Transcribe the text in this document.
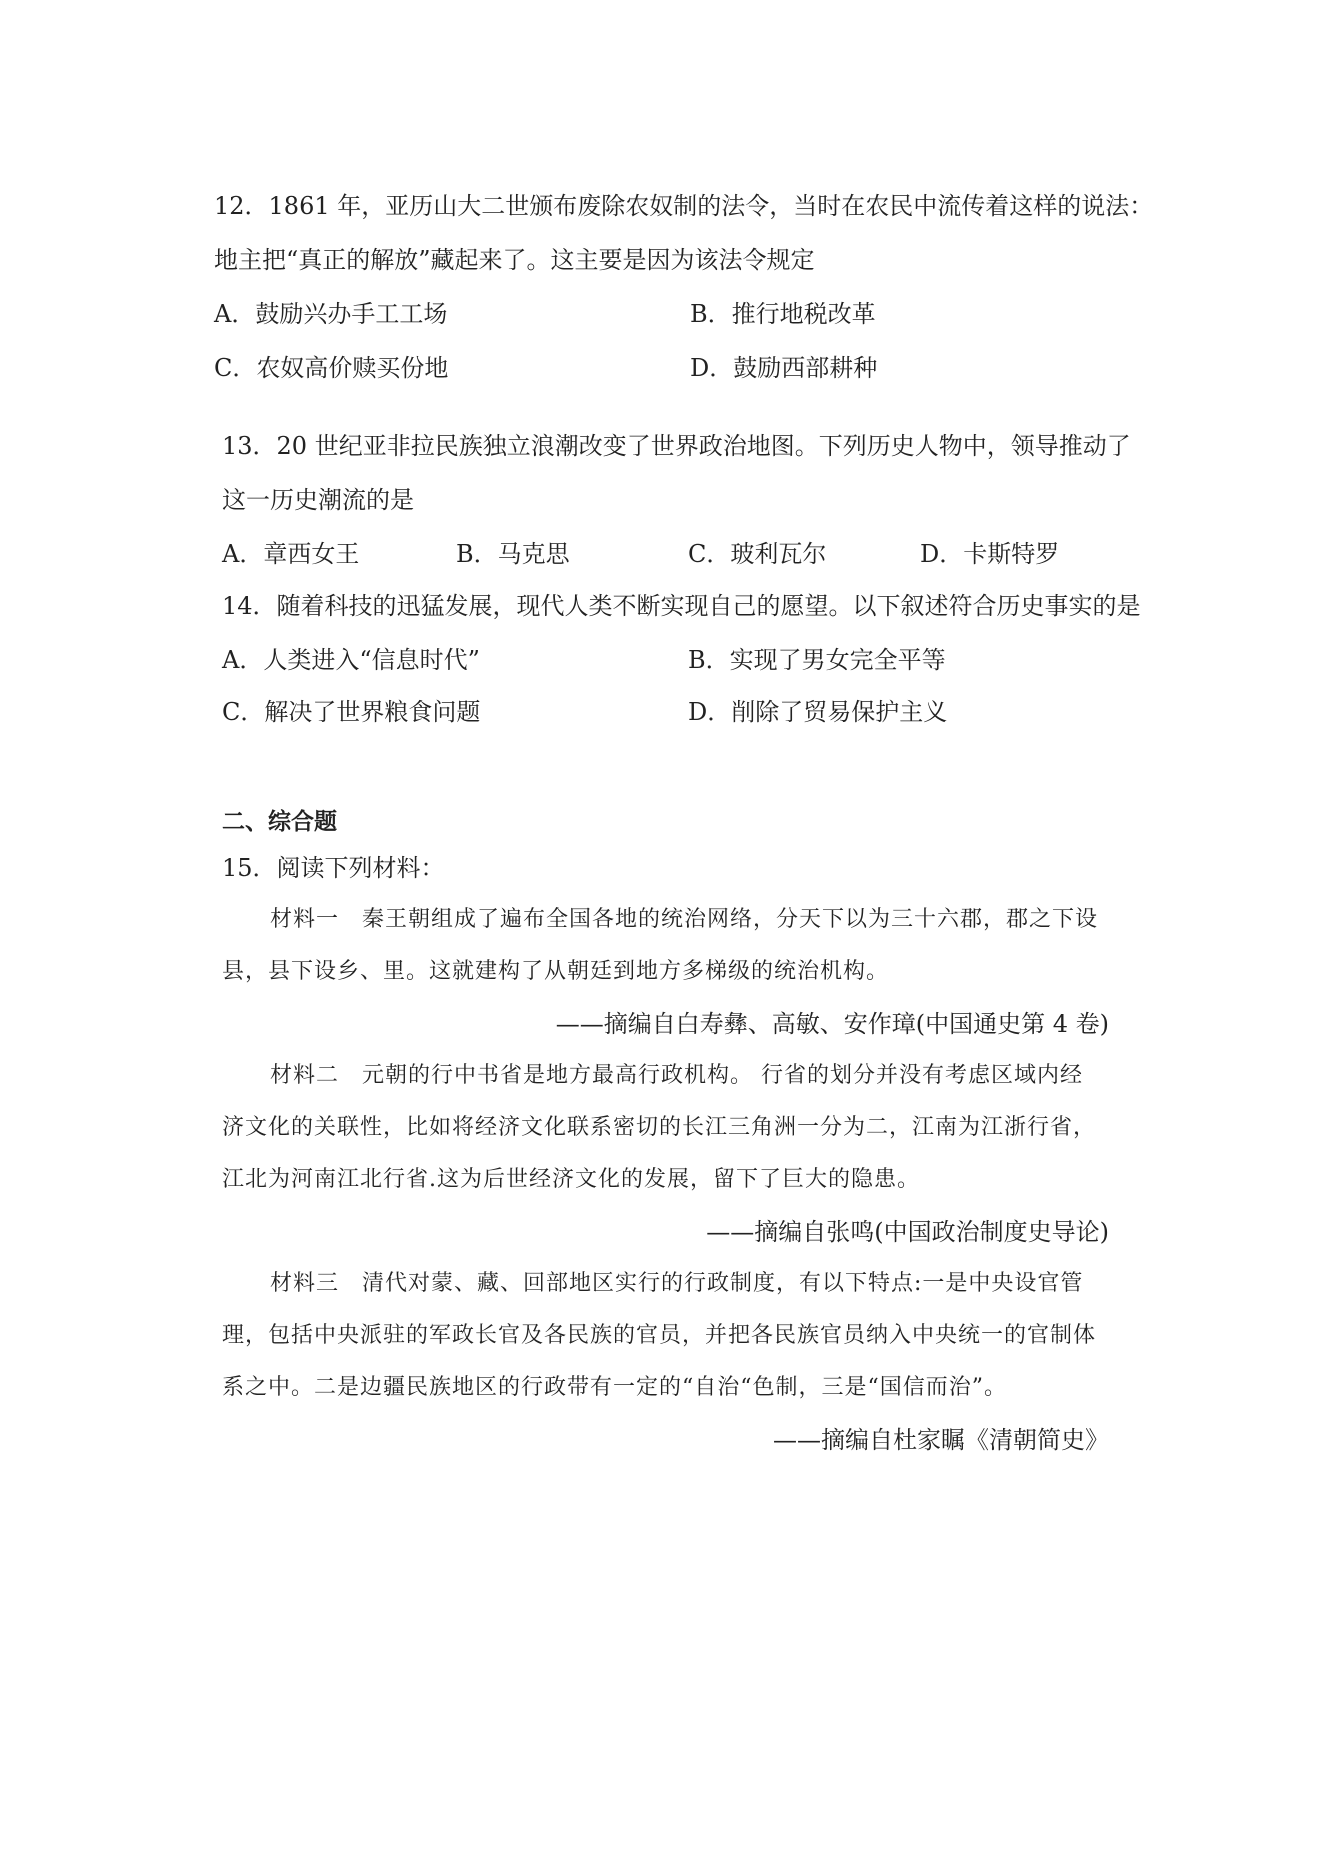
12．1861 年，亚历山大二世颁布废除农奴制的法令，当时在农民中流传着这样的说法：
地主把“真正的解放”藏起来了。这主要是因为该法令规定
A．鼓励兴办手工工场	B．推行地税改革
C．农奴高价赎买份地	D．鼓励西部耕种
13．20 世纪亚非拉民族独立浪潮改变了世界政治地图。下列历史人物中，领导推动了
这一历史潮流的是
A．章西女王	B．马克思	C．玻利瓦尔	D．卡斯特罗
14．随着科技的迅猛发展，现代人类不断实现自己的愿望。以下叙述符合历史事实的是
A．人类进入“信息时代”	B．实现了男女完全平等
C．解决了世界粮食问题	D．削除了贸易保护主义
二、综合题
15．阅读下列材料：
材料一　秦王朝组成了遍布全国各地的统治网络，分天下以为三十六郡，郡之下设
县，县下设乡、里。这就建构了从朝廷到地方多梯级的统治机构。
——摘编自白寿彝、高敏、安作璋(中国通史第 4 卷)
材料二　元朝的行中书省是地方最高行政机构。 行省的划分并没有考虑区域内经
济文化的关联性，比如将经济文化联系密切的长江三角洲一分为二，江南为江浙行省，
江北为河南江北行省.这为后世经济文化的发展，留下了巨大的隐患。
——摘编自张鸣(中国政治制度史导论)
材料三　清代对蒙、藏、回部地区实行的行政制度，有以下特点:一是中央设官管
理，包括中央派驻的军政长官及各民族的官员，并把各民族官员纳入中央统一的官制体
系之中。二是边疆民族地区的行政带有一定的“自治“色制，三是“国信而治”。
——摘编自杜家瞩《清朝简史》
